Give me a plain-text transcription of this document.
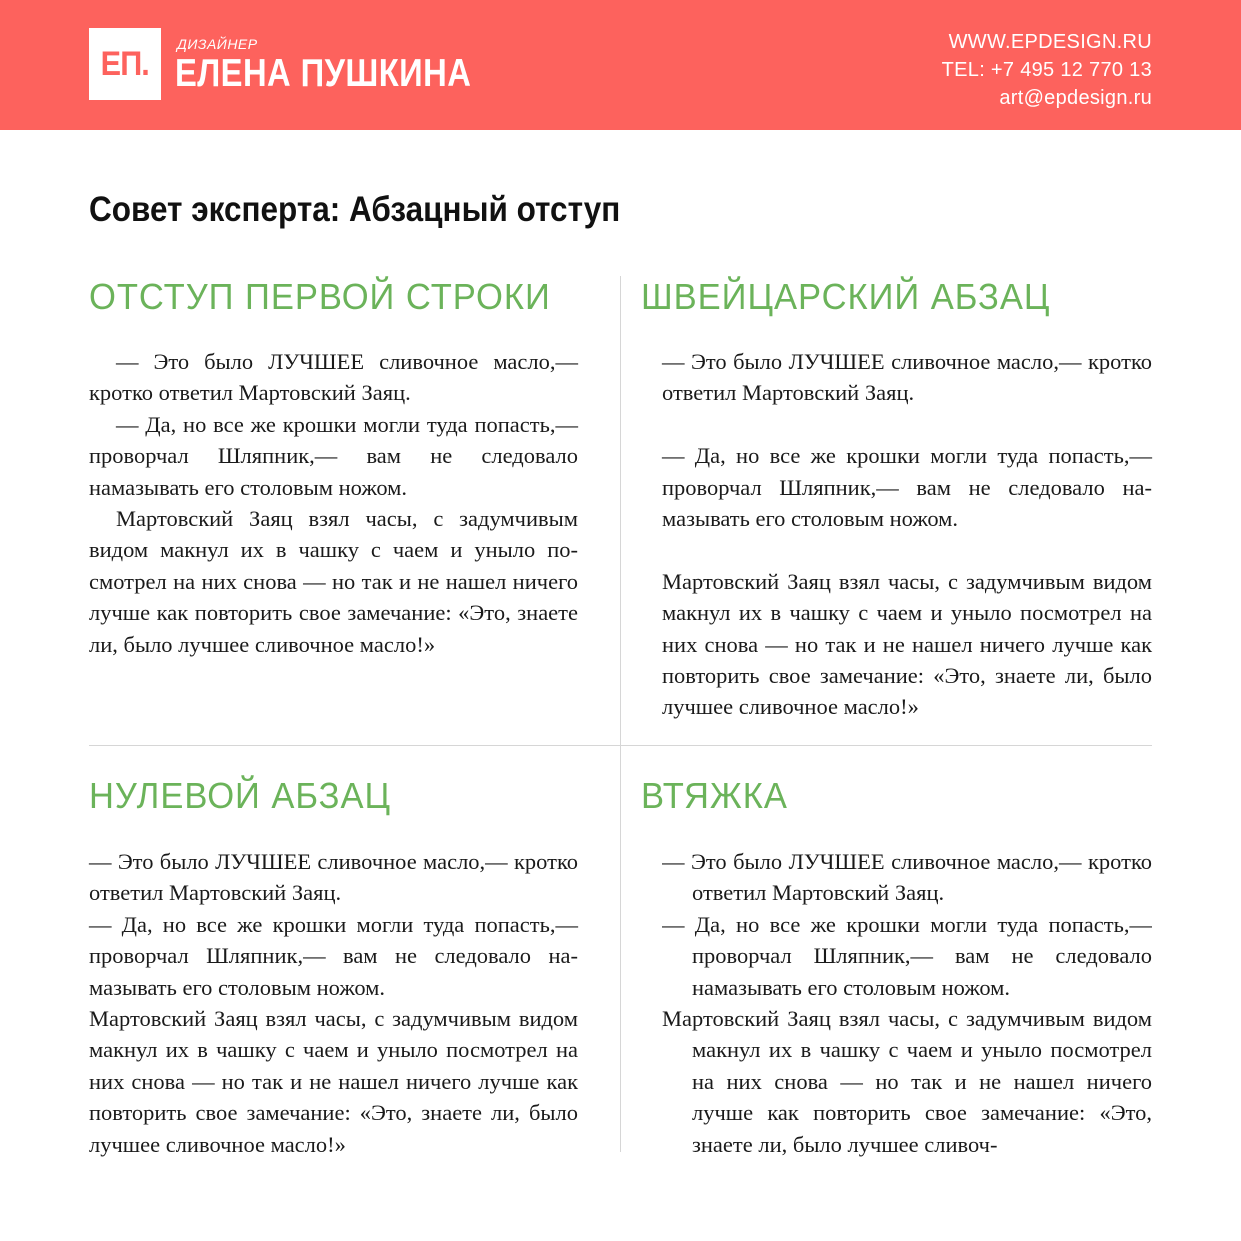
ЕП.
ДИЗАЙНЕР
ЕЛЕНА ПУШКИНА
WWW.EPDESIGN.RU
TEL: +7 495 12 770 13
art@epdesign.ru
Совет эксперта: Абзацный отступ
ОТСТУП ПЕРВОЙ СТРОКИ

— Это было ЛУЧШЕЕ сливочное масло,— кротко ответил Мартовский Заяц.

— Да, но все же крошки могли туда попасть,— проворчал Шляпник,— вам не следовало намазывать его столовым ножом.

Мартовский Заяц взял часы, с задумчивым видом макнул их в чашку с чаем и уныло посмотрел на них снова — но так и не нашел ничего лучше как повторить свое замечание: «Это, знаете ли, было лучшее сливочное масло!»

ШВЕЙЦАРСКИЙ АБЗАЦ

— Это было ЛУЧШЕЕ сливочное масло,— кротко ответил Мартовский Заяц.

— Да, но все же крошки могли туда попасть,— проворчал Шляпник,— вам не следовало намазывать его столовым ножом.

Мартовский Заяц взял часы, с задумчивым видом макнул их в чашку с чаем и уныло посмотрел на них снова — но так и не нашел ничего лучше как повторить свое замечание: «Это, знаете ли, было лучшее сливочное масло!»

НУЛЕВОЙ АБЗАЦ

— Это было ЛУЧШЕЕ сливочное масло,— кротко ответил Мартовский Заяц.

— Да, но все же крошки могли туда попасть,— проворчал Шляпник,— вам не следовало намазывать его столовым ножом.

Мартовский Заяц взял часы, с задумчивым видом макнул их в чашку с чаем и уныло посмотрел на них снова — но так и не нашел ничего лучше как повторить свое замечание: «Это, знаете ли, было лучшее сливочное масло!»

ВТЯЖКА

— Это было ЛУЧШЕЕ сливочное масло,— кротко ответил Мартовский Заяц.

— Да, но все же крошки могли туда попасть,— проворчал Шляпник,— вам не следовало намазывать его столовым ножом.

Мартовский Заяц взял часы, с задумчивым видом макнул их в чашку с чаем и уныло посмотрел на них снова — но так и не нашел ничего лучше как повторить свое замечание: «Это, знаете ли, было лучшее сливоч-
